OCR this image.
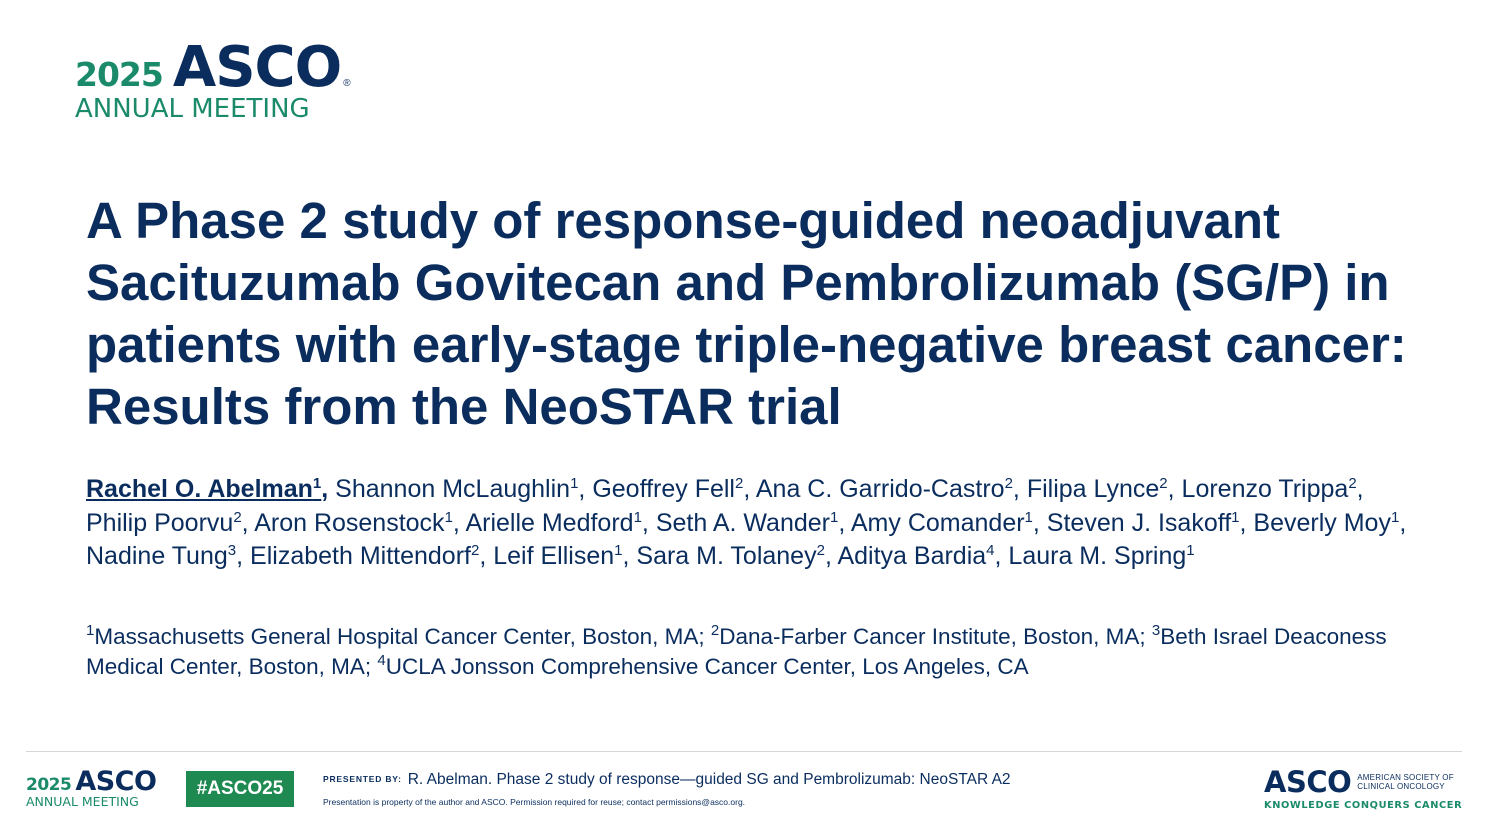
2025 ASCO ®
ANNUAL MEETING
A Phase 2 study of response-guided neoadjuvant Sacituzumab Govitecan and Pembrolizumab (SG/P) in patients with early-stage triple-negative breast cancer: Results from the NeoSTAR trial
Rachel O. Abelman$^1$, Shannon McLaughlin$^1$, Geoffrey Fell$^2$, Ana C. Garrido-Castro$^2$, Filipa Lynce$^2$, Lorenzo Trippa$^2$, Philip Poorvu$^2$, Aron Rosenstock$^1$, Arielle Medford$^1$, Seth A. Wander$^1$, Amy Comander$^1$, Steven J. Isakoff$^1$, Beverly Moy$^1$, Nadine Tung$^3$, Elizabeth Mittendorf$^2$, Leif Ellisen$^1$, Sara M. Tolaney$^2$, Aditya Bardia$^4$, Laura M. Spring$^1$
$^1$Massachusetts General Hospital Cancer Center, Boston, MA; $^2$Dana-Farber Cancer Institute, Boston, MA; $^3$Beth Israel Deaconess Medical Center, Boston, MA; $^4$UCLA Jonsson Comprehensive Cancer Center, Los Angeles, CA
2025 ASCO
ANNUAL MEETING
#ASCO25	PRESENTED BY: R. Abelman. Phase 2 study of response—guided SG and Pembrolizumab: NeoSTAR A2
Presentation is property of the author and ASCO. Permission required for reuse; contact permissions@asco.org.
ASCO AMERICAN SOCIETY OF CLINICAL ONCOLOGY
KNOWLEDGE CONQUERS CANCER
